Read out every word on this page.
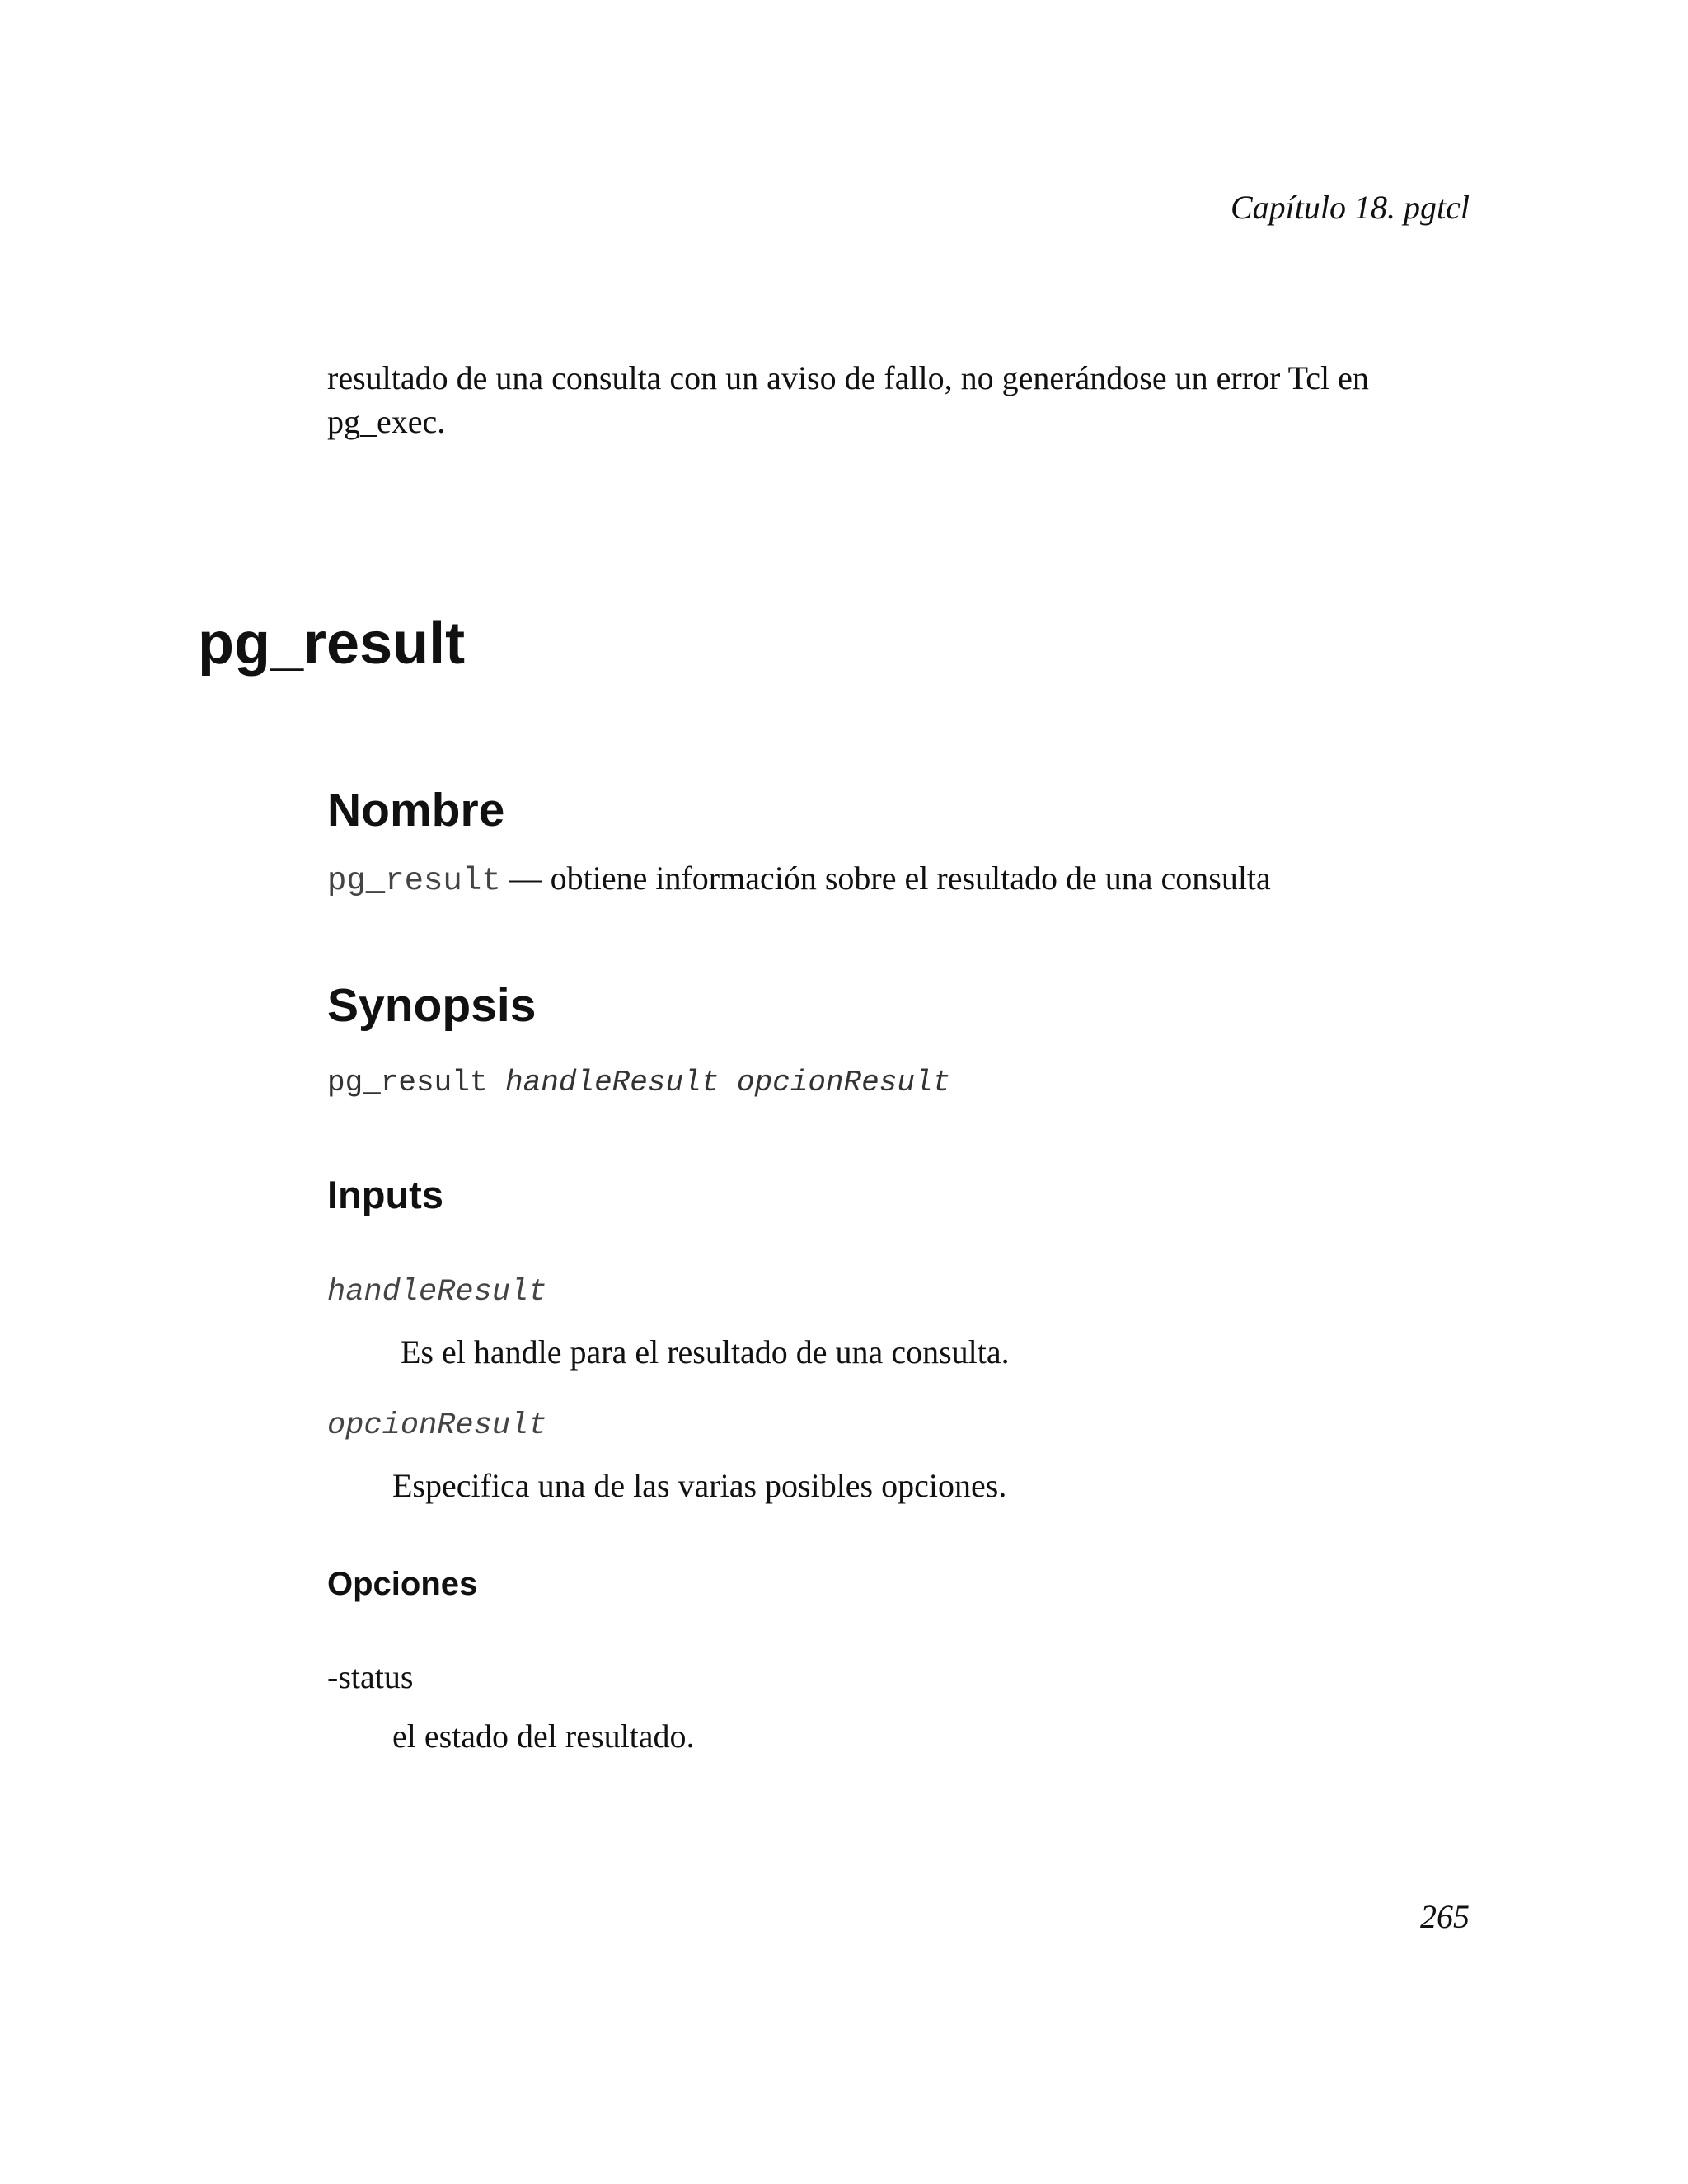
Capítulo 18. pgtcl

resultado de una consulta con un aviso de fallo, no generándose un error Tcl en pg_exec.

pg_result
Nombre
pg_result — obtiene información sobre el resultado de una consulta
Synopsis
pg_result handleResult opcionResult
Inputs
handleResult
Es el handle para el resultado de una consulta.
opcionResult
Especifica una de las varias posibles opciones.
Opciones
-status
el estado del resultado.
265
